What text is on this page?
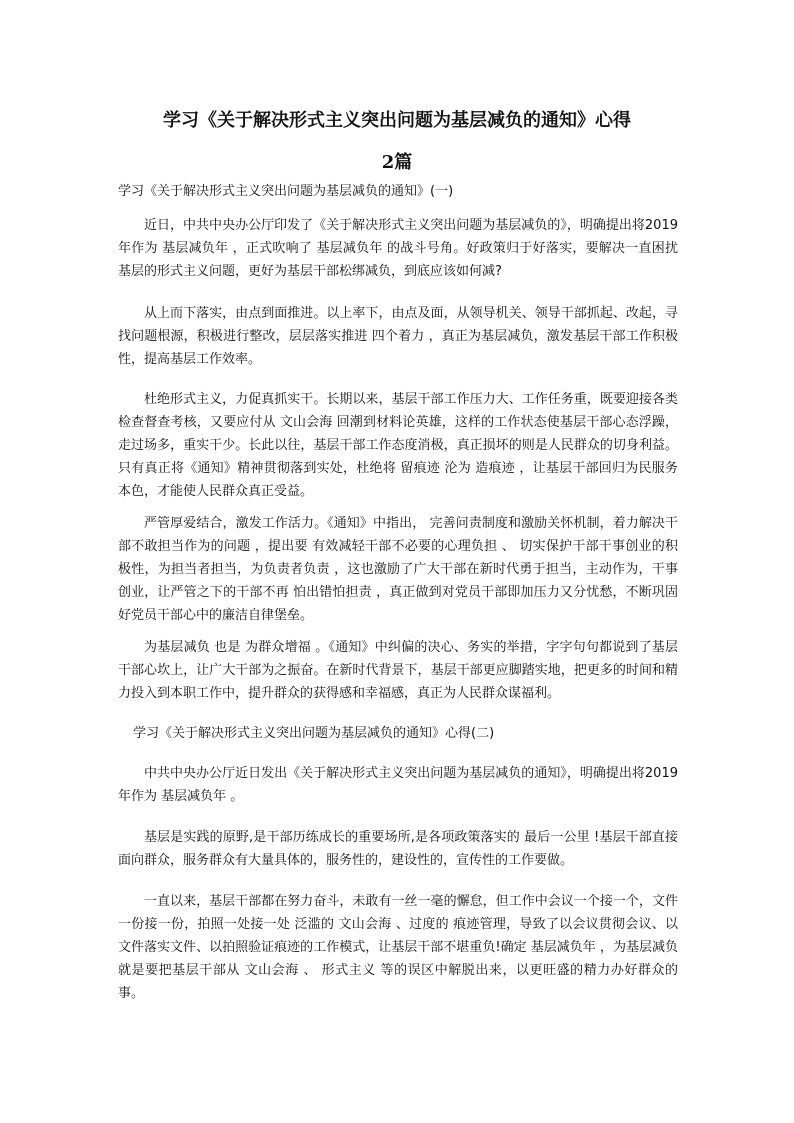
学习《关于解决形式主义突出问题为基层减负的通知》心得
2篇

学习《关于解决形式主义突出问题为基层减负的通知》(一)

近日，中共中央办公厅印发了《关于解决形式主义突出问题为基层减负的》，明确提出将2019年作为 基层减负年 ，正式吹响了 基层减负年 的战斗号角。好政策归于好落实，要解决一直困扰基层的形式主义问题，更好为基层干部松绑减负，到底应该如何减?

从上而下落实，由点到面推进。以上率下，由点及面，从领导机关、领导干部抓起、改起，寻找问题根源，积极进行整改，层层落实推进 四个着力 ，真正为基层减负，激发基层干部工作积极性，提高基层工作效率。

杜绝形式主义，力促真抓实干。长期以来，基层干部工作压力大、工作任务重，既要迎接各类检查督查考核，又要应付从 文山会海 回潮到材料论英雄，这样的工作状态使基层干部心态浮躁，走过场多，重实干少。长此以往，基层干部工作态度消极，真正损坏的则是人民群众的切身利益。只有真正将《通知》精神贯彻落到实处，杜绝将 留痕迹 沦为 造痕迹 ，让基层干部回归为民服务本色，才能使人民群众真正受益。

严管厚爱结合，激发工作活力。《通知》中指出， 完善问责制度和激励关怀机制，着力解决干部不敢担当作为的问题 ，提出要 有效减轻干部不必要的心理负担 、 切实保护干部干事创业的积极性，为担当者担当，为负责者负责 ，这也激励了广大干部在新时代勇于担当，主动作为，干事创业，让严管之下的干部不再 怕出错怕担责 ，真正做到对党员干部即加压力又分忧愁，不断巩固好党员干部心中的廉洁自律堡垒。

为基层减负 也是 为群众增福 。《通知》中纠偏的决心、务实的举措，字字句句都说到了基层干部心坎上，让广大干部为之振奋。在新时代背景下，基层干部更应脚踏实地，把更多的时间和精力投入到本职工作中，提升群众的获得感和幸福感，真正为人民群众谋福利。

学习《关于解决形式主义突出问题为基层减负的通知》心得(二)

中共中央办公厅近日发出《关于解决形式主义突出问题为基层减负的通知》，明确提出将2019年作为 基层减负年 。

基层是实践的原野,是干部历练成长的重要场所,是各项政策落实的 最后一公里 !基层干部直接面向群众，服务群众有大量具体的，服务性的，建设性的，宣传性的工作要做。

一直以来，基层干部都在努力奋斗，未敢有一丝一毫的懈怠，但工作中会议一个接一个，文件一份接一份，拍照一处接一处 泛滥的 文山会海 、过度的 痕迹管理，导致了以会议贯彻会议、以文件落实文件、以拍照验证痕迹的工作模式，让基层干部不堪重负!确定 基层减负年 ，为基层减负就是要把基层干部从 文山会海 、 形式主义 等的误区中解脱出来，以更旺盛的精力办好群众的事。
